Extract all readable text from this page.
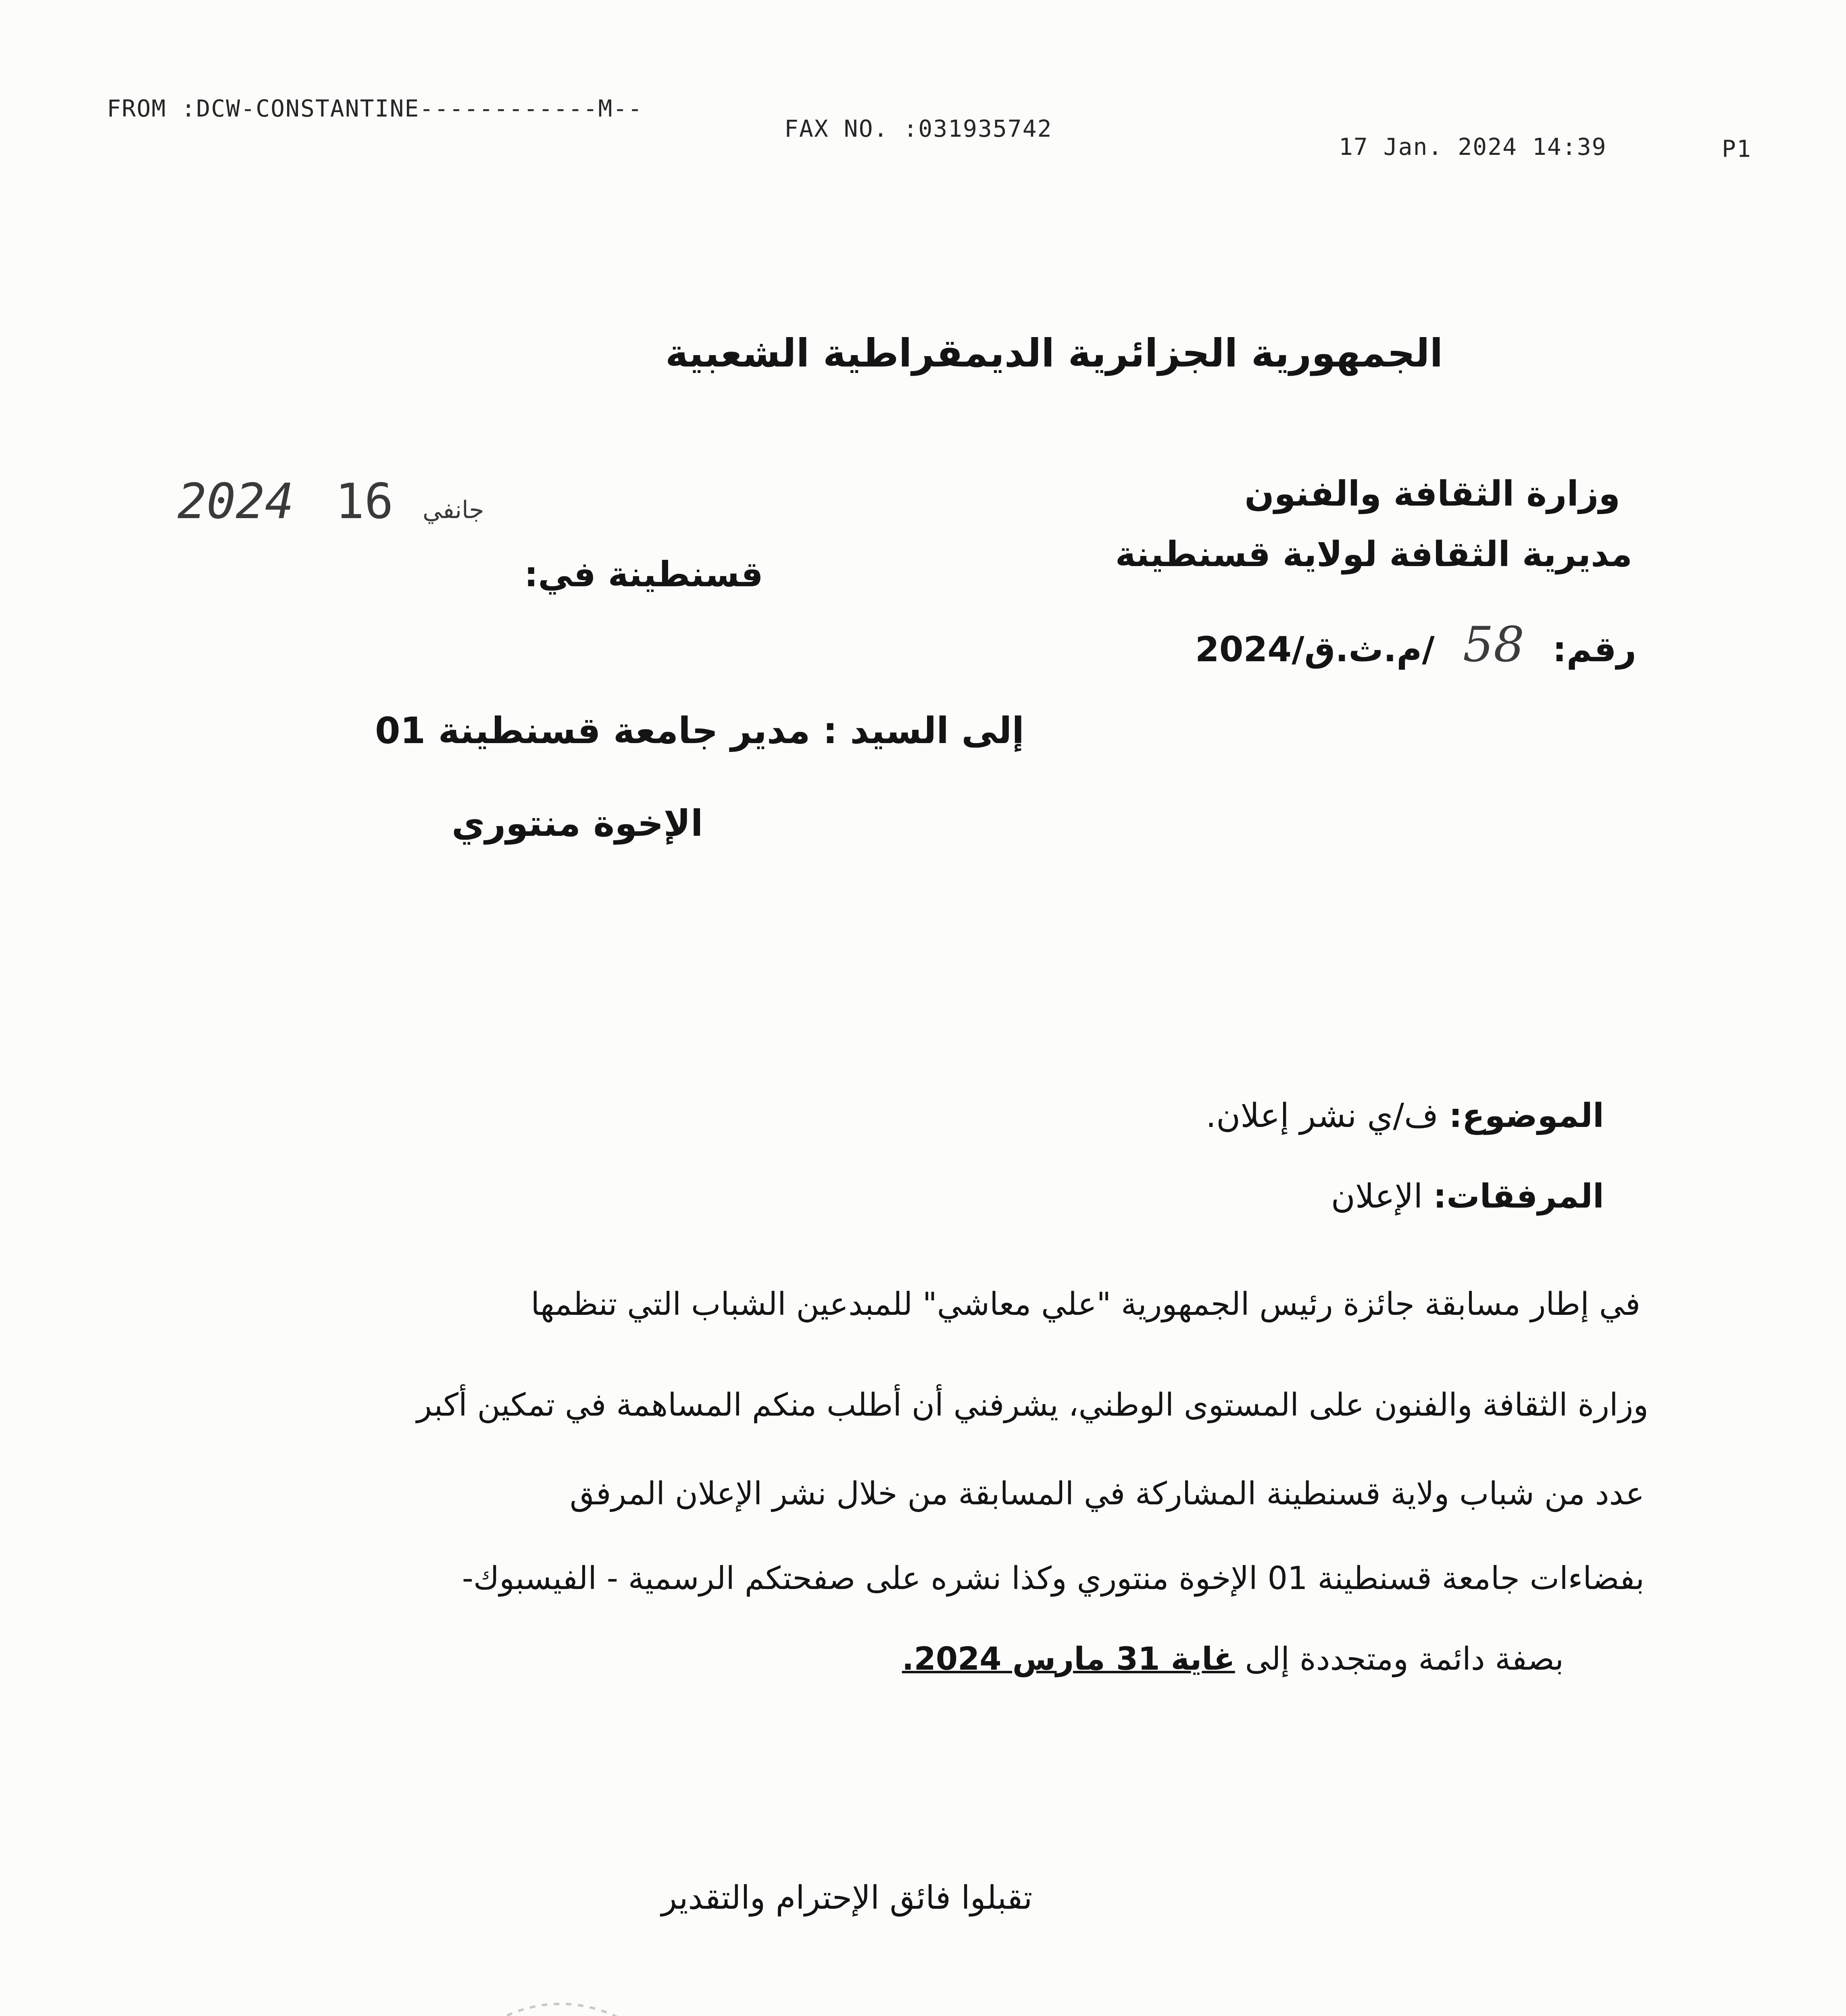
FROM :DCW-CONSTANTINE------------M--
FAX NO. :031935742
17 Jan. 2024 14:39	P1
الجمهورية الجزائرية الديمقراطية الشعبية
وزارة الثقافة والفنون
مديرية الثقافة لولاية قسنطينة
رقم: 58 /م.ث.ق/2024
2024	جانفي 16
قسنطينة في:
إلى السيد : مدير جامعة قسنطينة 01
الإخوة منتوري
الموضوع: ف/ي نشر إعلان.
المرفقات: الإعلان
في إطار مسابقة جائزة رئيس الجمهورية "علي معاشي" للمبدعين الشباب التي تنظمها
وزارة الثقافة والفنون على المستوى الوطني، يشرفني أن أطلب منكم المساهمة في تمكين أكبر
عدد من شباب ولاية قسنطينة المشاركة في المسابقة من خلال نشر الإعلان المرفق
بفضاءات جامعة قسنطينة 01 الإخوة منتوري وكذا نشره على صفحتكم الرسمية - الفيسبوك-
بصفة دائمة ومتجددة إلى غاية 31 مارس 2024.
تقبلوا فائق الإحترام والتقدير
